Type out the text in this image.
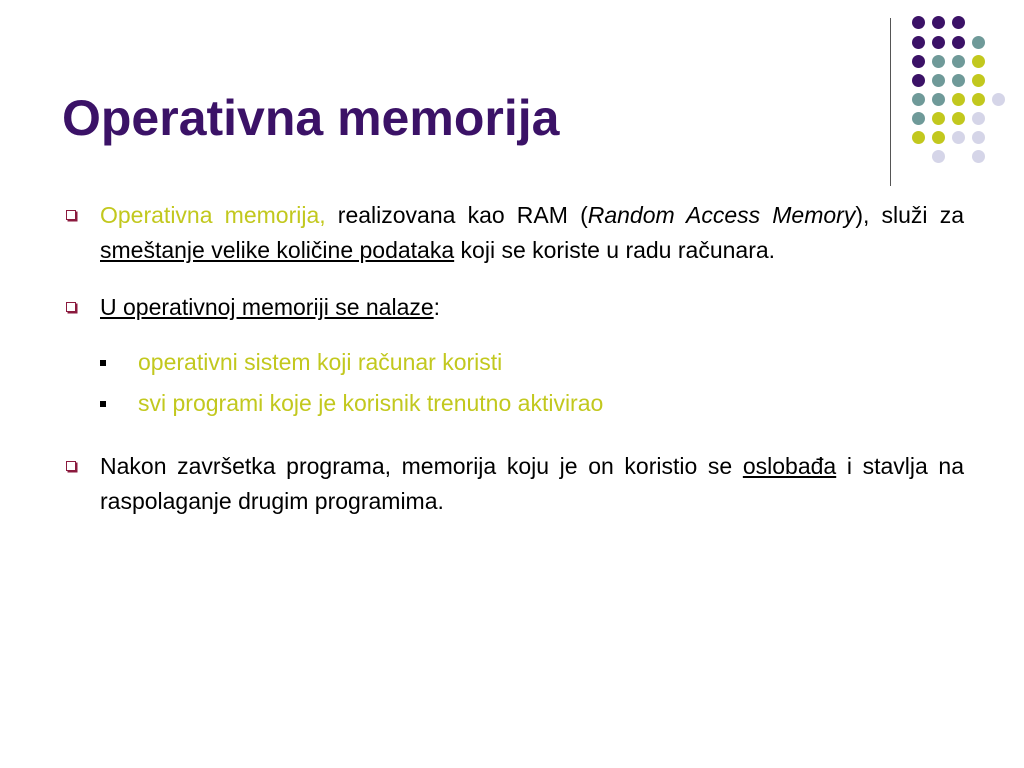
Operativna memorija
Operativna memorija, realizovana kao RAM (Random Access Memory), služi za smeštanje velike količine podataka koji se koriste u radu računara.
U operativnoj memoriji se nalaze:
operativni sistem koji računar koristi
svi programi koje je korisnik trenutno aktivirao
Nakon završetka programa, memorija koju je on koristio se oslobađa i stavlja na raspolaganje drugim programima.
